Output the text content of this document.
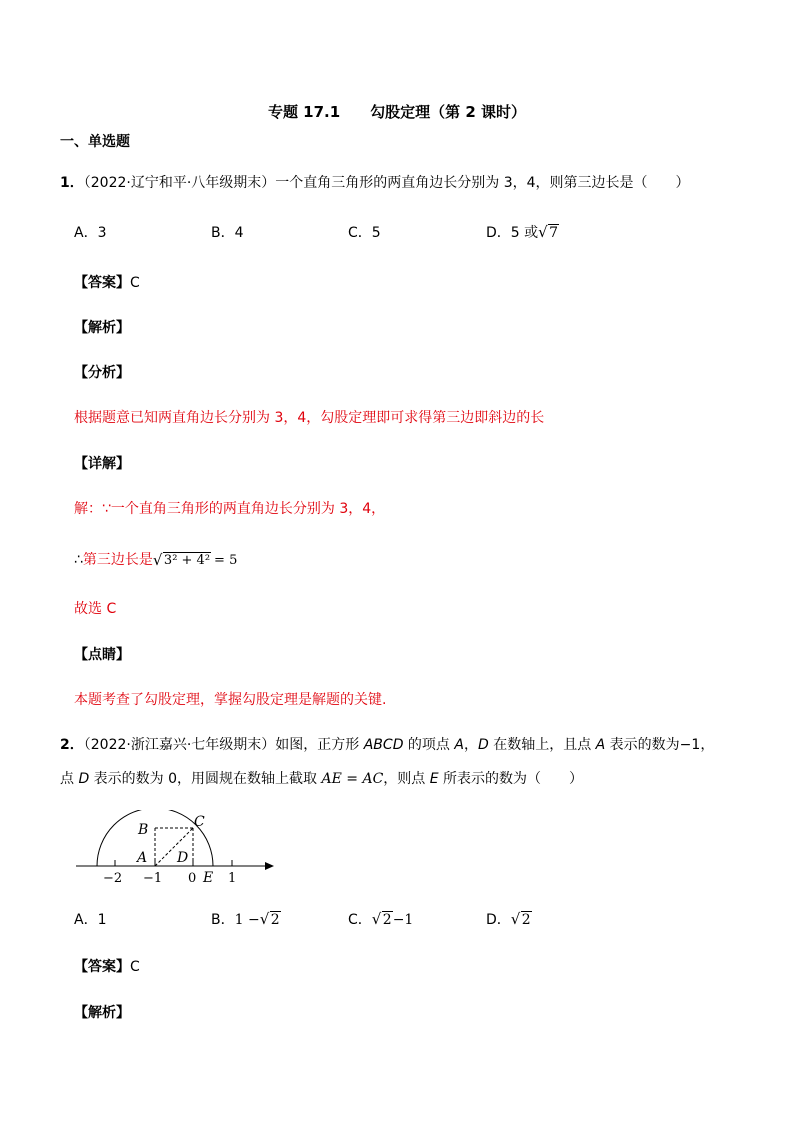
专题 17.1 勾股定理（第 2 课时）
一、单选题
1．（2022·辽宁和平·八年级期末）一个直角三角形的两直角边长分别为 3，4，则第三边长是（　　）
A．3	B．4	C．5	D．5 或 √ 7
【答案】C
【解析】
【分析】
根据题意已知两直角边长分别为 3，4，勾股定理即可求得第三边即斜边的长
【详解】
解：∵一个直角三角形的两直角边长分别为 3，4，
∴第三边长是 √ 3² + 4² = 5
故选 C
【点睛】
本题考查了勾股定理，掌握勾股定理是解题的关键.
2．（2022·浙江嘉兴·七年级期末）如图，正方形 ABCD 的项点 A，D 在数轴上，且点 A 表示的数为−1，
点 D 表示的数为 0，用圆规在数轴上截取 AE = AC，则点 E 所表示的数为（　　）
B	C
A D
E
−2 −1 0 1
A．1	B．1 − √ 2	C． √ 2−1	D． √ 2
【答案】C
【解析】
